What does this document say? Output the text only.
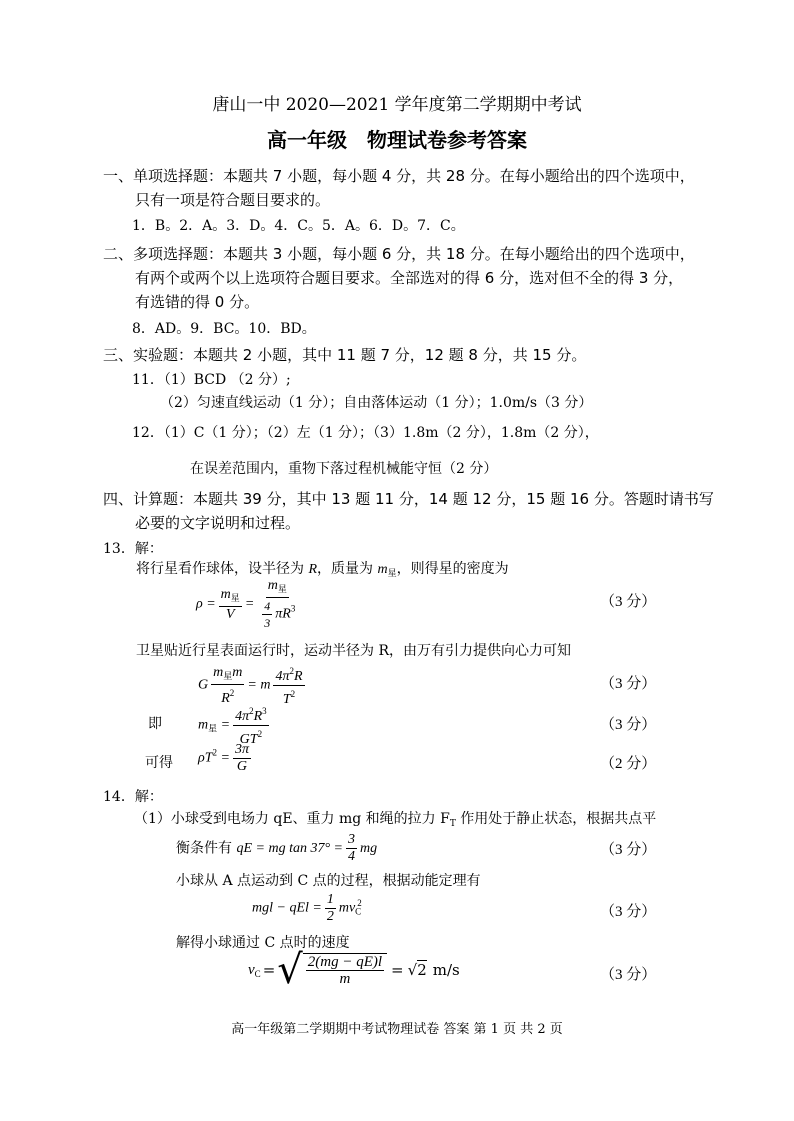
唐山一中 2020—2021 学年度第二学期期中考试
高一年级　物理试卷参考答案
一、单项选择题：本题共 7 小题，每小题 4 分，共 28 分。在每小题给出的四个选项中，
只有一项是符合题目要求的。
1．B。2．A。3．D。4．C。5．A。6．D。7．C。
二、多项选择题：本题共 3 小题，每小题 6 分，共 18 分。在每小题给出的四个选项中，
有两个或两个以上选项符合题目要求。全部选对的得 6 分，选对但不全的得 3 分，
有选错的得 0 分。
8．AD。9．BC。10．BD。
三、实验题：本题共 2 小题，其中 11 题 7 分，12 题 8 分，共 15 分。
11．（1）BCD （2 分）;
（2）匀速直线运动（1 分）；自由落体运动（1 分）；1.0m/s（3 分）
12．（1）C（1 分）；（2）左（1 分）；（3）1.8m（2 分），1.8m（2 分），
在误差范围内，重物下落过程机械能守恒（2 分）
四、计算题：本题共 39 分，其中 13 题 11 分，14 题 12 分，15 题 16 分。答题时请书写
必要的文字说明和过程。
13．解：
将行星看作球体，设半径为 R，质量为 $m_星$，则得星的密度为
$\rho = \frac{m_星}{V} = \frac{m_星}{\frac{4}{3} \pi R^3}$	（3 分）
卫星贴近行星表面运行时，运动半径为 R，由万有引力提供向心力可知
G $\frac{m_星m}{R^2} = m \frac{4\pi^2R}{T^2}$	（3 分）
即	$m_星 = \frac{4\pi^2R^3}{GT^2}$	（3 分）
可得 $\rho T^2 = \frac{3\pi}{G}$	（2 分）
14．解：
（1）小球受到电场力 qE、重力 mg 和绳的拉力 $F_T$ 作用处于静止状态，根据共点平
衡条件有 qE = mg $\tan 37^\circ = \frac{3}{4}$ mg	（3 分）
小球从 A 点运动到 C 点的过程，根据动能定理有
mgl − qEl = $\frac{1}{2} mv_C^2$
（3 分）
解得小球通过 C 点时的速度
$v_C$ = √ $\frac{2(mg - qE)l}{m} = √2$ m/s	（3 分）
高一年级第二学期期中考试物理试卷 答案 第 1 页 共 2 页
